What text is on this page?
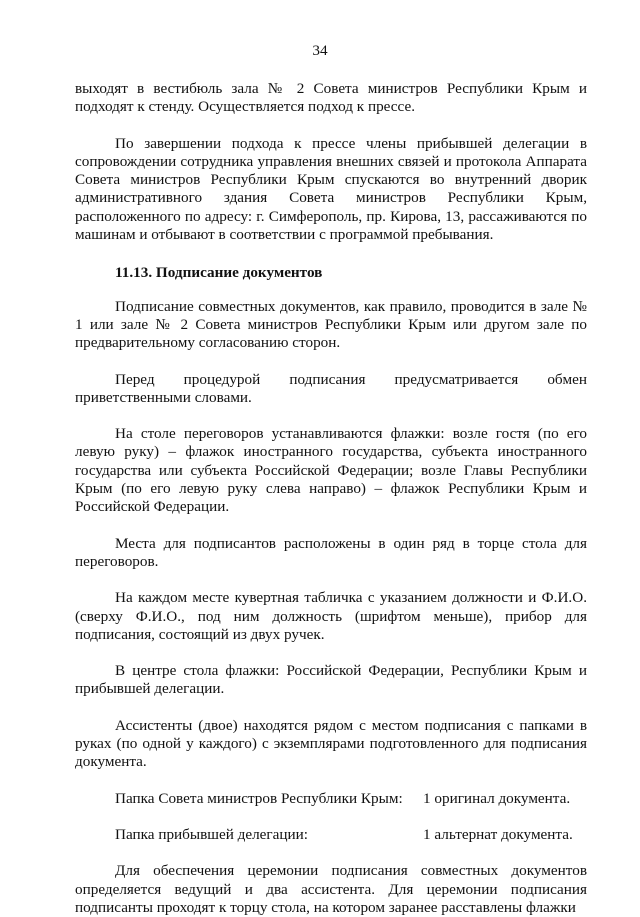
34

выходят в вестибюль зала № 2 Совета министров Республики Крым и подходят к стенду. Осуществляется подход к прессе.

По завершении подхода к прессе члены прибывшей делегации в сопровождении сотрудника управления внешних связей и протокола Аппарата Совета министров Республики Крым спускаются во внутренний дворик административного здания Совета министров Республики Крым, расположенного по адресу: г. Симферополь, пр. Кирова, 13, рассаживаются по машинам и отбывают в соответствии с программой пребывания.

11.13. Подписание документов

Подписание совместных документов, как правило, проводится в зале № 1 или зале № 2 Совета министров Республики Крым или другом зале по предварительному согласованию сторон.

Перед процедурой подписания предусматривается обмен приветственными словами.

На столе переговоров устанавливаются флажки: возле гостя (по его левую руку) – флажок иностранного государства, субъекта иностранного государства или субъекта Российской Федерации; возле Главы Республики Крым (по его левую руку слева направо) – флажок Республики Крым и Российской Федерации.

Места для подписантов расположены в один ряд в торце стола для переговоров.

На каждом месте кувертная табличка с указанием должности и Ф.И.О. (сверху Ф.И.О., под ним должность (шрифтом меньше), прибор для подписания, состоящий из двух ручек.

В центре стола флажки: Российской Федерации, Республики Крым и прибывшей делегации.

Ассистенты (двое) находятся рядом с местом подписания с папками в руках (по одной у каждого) с экземплярами подготовленного для подписания документа.

Папка Совета министров Республики Крым:	1 оригинал документа.
Папка прибывшей делегации:	1 альтернат документа.

Для обеспечения церемонии подписания совместных документов определяется ведущий и два ассистента. Для церемонии подписания подписанты проходят к торцу стола, на котором заранее расставлены флажки
